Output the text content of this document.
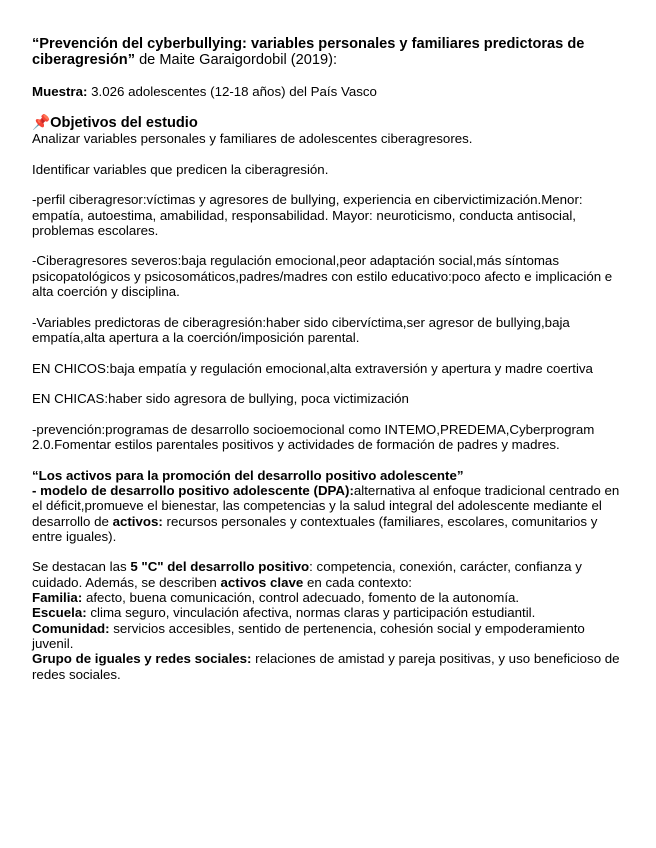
“Prevención del cyberbullying: variables personales y familiares predictoras de ciberagresión” de Maite Garaigordobil (2019):

Muestra: 3.026 adolescentes (12-18 años) del País Vasco

📌Objetivos del estudio

Analizar variables personales y familiares de adolescentes ciberagresores.

Identificar variables que predicen la ciberagresión.

-perfil ciberagresor:víctimas y agresores de bullying, experiencia en cibervictimización.Menor: empatía, autoestima, amabilidad, responsabilidad. Mayor: neuroticismo, conducta antisocial, problemas escolares.

-Ciberagresores severos:baja regulación emocional,peor adaptación social,más síntomas psicopatológicos y psicosomáticos,padres/madres con estilo educativo:poco afecto e implicación e alta coerción y disciplina.

-Variables predictoras de ciberagresión:haber sido cibervíctima,ser agresor de bullying,baja empatía,alta apertura a la coerción/imposición parental.

EN CHICOS:baja empatía y regulación emocional,alta extraversión y apertura y madre coertiva

EN CHICAS:haber sido agresora de bullying, poca victimización

-prevención:programas de desarrollo socioemocional como INTEMO,PREDEMA,Cyberprogram 2.0.Fomentar estilos parentales positivos y actividades de formación de padres y madres.

“Los activos para la promoción del desarrollo positivo adolescente”

- modelo de desarrollo positivo adolescente (DPA):alternativa al enfoque tradicional centrado en el déficit,promueve el bienestar, las competencias y la salud integral del adolescente mediante el desarrollo de activos: recursos personales y contextuales (familiares, escolares, comunitarios y entre iguales).

Se destacan las 5 "C" del desarrollo positivo: competencia, conexión, carácter, confianza y cuidado. Además, se describen activos clave en cada contexto:

Familia: afecto, buena comunicación, control adecuado, fomento de la autonomía.

Escuela: clima seguro, vinculación afectiva, normas claras y participación estudiantil.

Comunidad: servicios accesibles, sentido de pertenencia, cohesión social y empoderamiento juvenil.

Grupo de iguales y redes sociales: relaciones de amistad y pareja positivas, y uso beneficioso de redes sociales.
